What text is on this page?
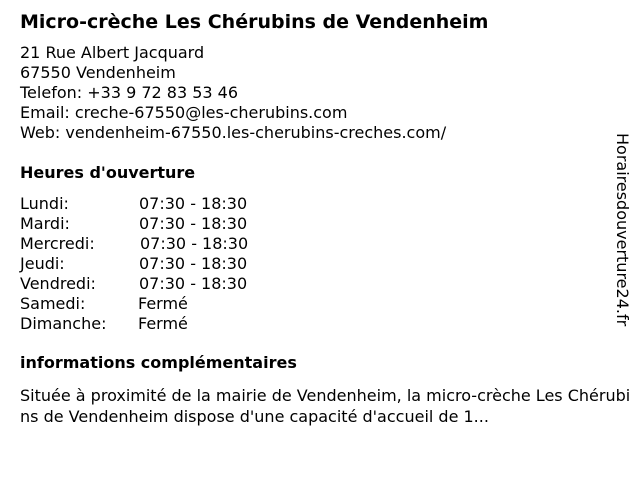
Micro-crèche Les Chérubins de Vendenheim
21 Rue Albert Jacquard
67550 Vendenheim
Telefon: +33 9 72 83 53 46
Email: creche-67550@les-cherubins.com
Web: vendenheim-67550.les-cherubins-creches.com/
Heures d'ouverture
Lundi:	07:30 - 18:30
Mardi:	07:30 - 18:30
Mercredi:	07:30 - 18:30
Jeudi:	07:30 - 18:30
Vendredi:	07:30 - 18:30
Samedi:	Fermé
Dimanche: Fermé
informations complémentaires
Située à proximité de la mairie de Vendenheim, la micro-crèche Les Chérubins de Vendenheim dispose d'une capacité d'accueil de 1...
Horairesdouverture24.fr
